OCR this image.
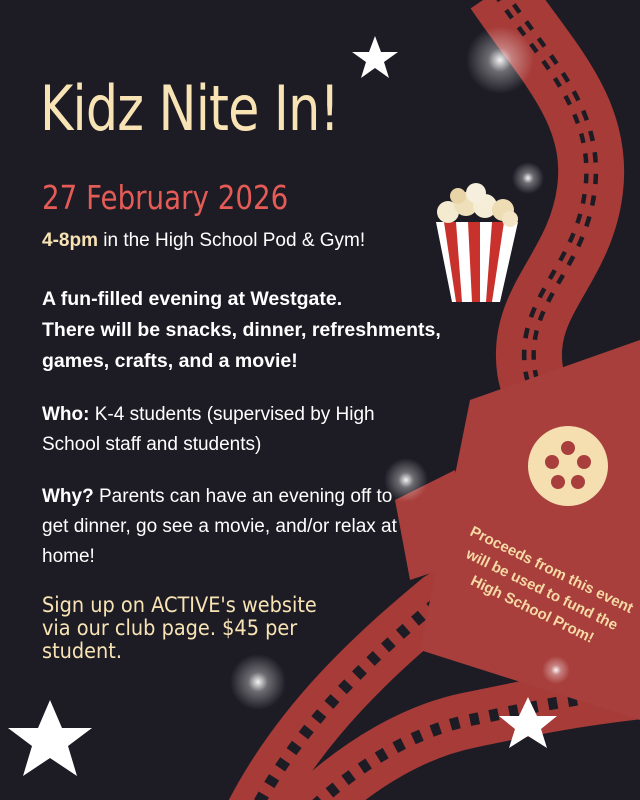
Kidz Nite In!
27 February 2026
4-8pm in the High School Pod & Gym!
A fun-filled evening at Westgate.
There will be snacks, dinner, refreshments,
games, crafts, and a movie!
Who: K-4 students (supervised by High School staff and students)
Why? Parents can have an evening off to get dinner, go see a movie, and/or relax at home!
Sign up on ACTIVE's website via our club page. $45 per student.
Proceeds from this event will be used to fund the High School Prom!
